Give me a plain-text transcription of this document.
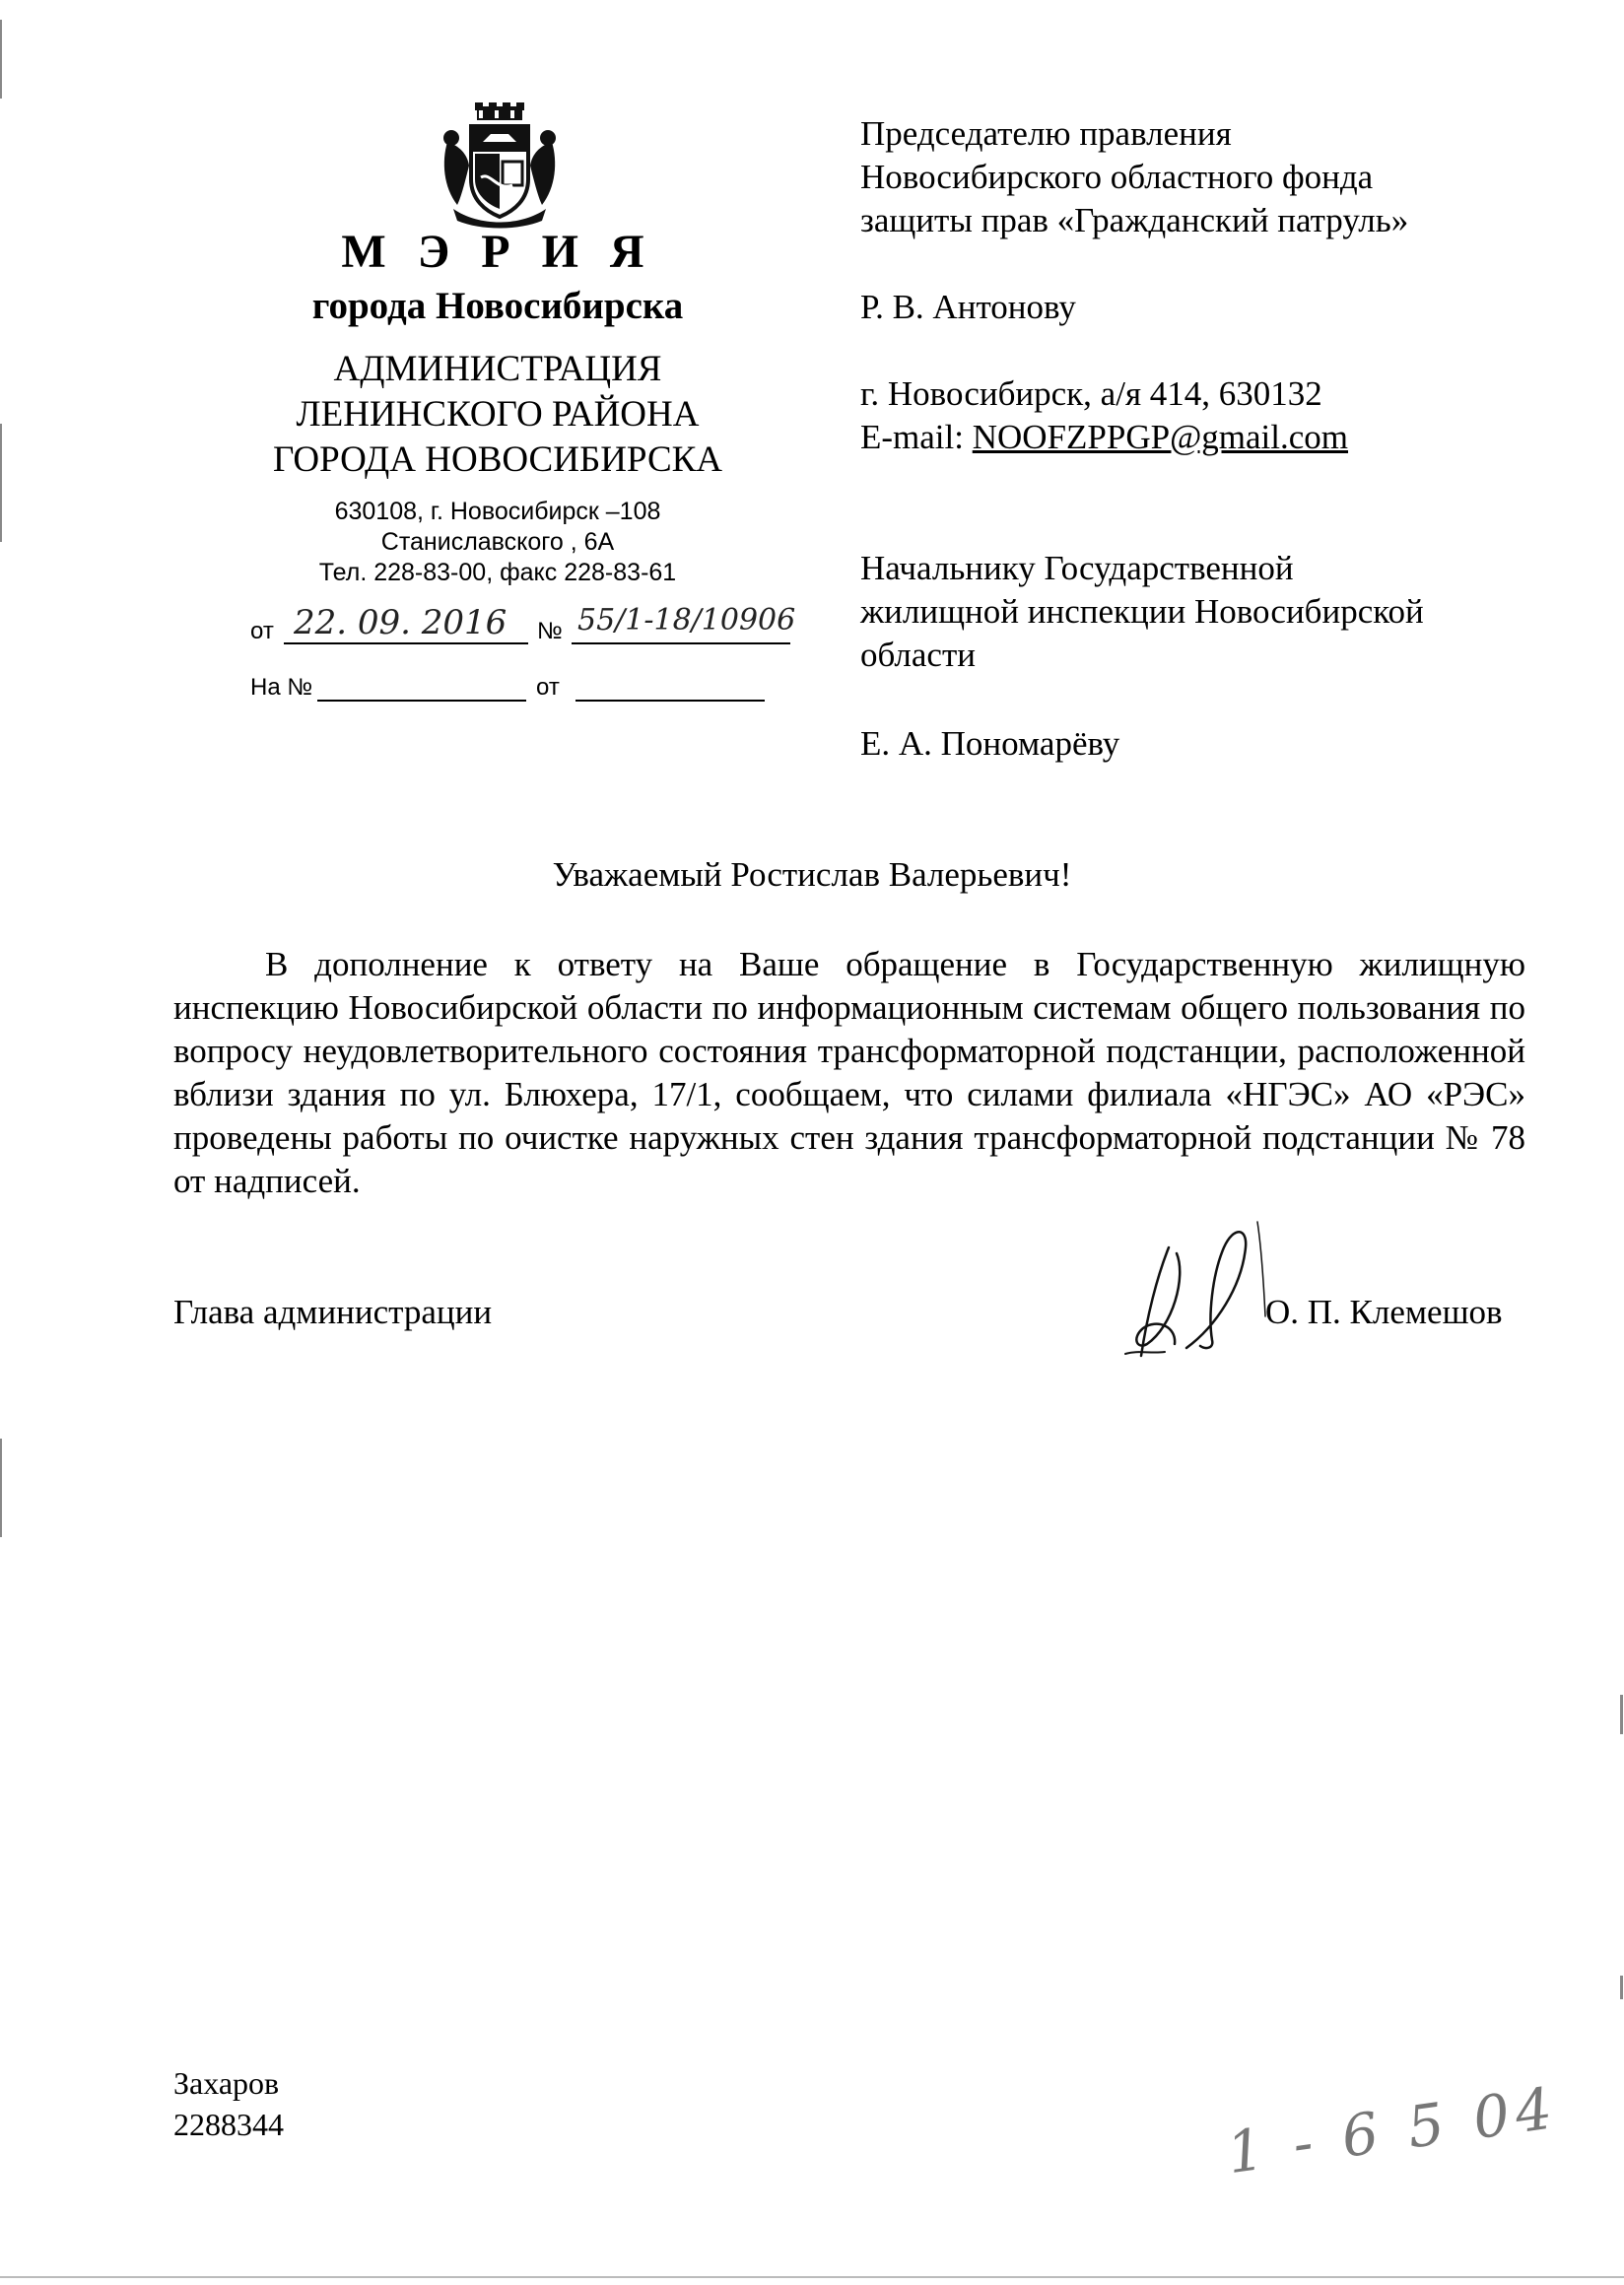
М Э Р И Я
города Новосибирска
АДМИНИСТРАЦИЯ
ЛЕНИНСКОГО РАЙОНА
ГОРОДА НОВОСИБИРСКА
630108, г. Новосибирск –108
Станиславского , 6А
Тел. 228-83-00, факс 228-83-61
от 22. 09. 2016 № 55/1-18/10906
На №	от
Председателю правления
Новосибирского областного фонда
защиты прав «Гражданский патруль»
Р. В. Антонову
г. Новосибирск, а/я 414, 630132
E-mail: NOOFZPPGP@gmail.com
Начальнику Государственной
жилищной инспекции Новосибирской
области
Е. А. Пономарёву
Уважаемый Ростислав Валерьевич!
В дополнение к ответу на Ваше обращение в Государственную жилищную инспекцию Новосибирской области по информационным системам общего пользования по вопросу неудовлетворительного состояния трансформаторной подстанции, расположенной вблизи здания по ул. Блюхера, 17/1, сообщаем, что силами филиала «НГЭС» АО «РЭС» проведены работы по очистке наружных стен здания трансформаторной подстанции № 78 от надписей.
Глава администрации	О. П. Клемешов
Захаров
2288344	1 - 6 5 04
